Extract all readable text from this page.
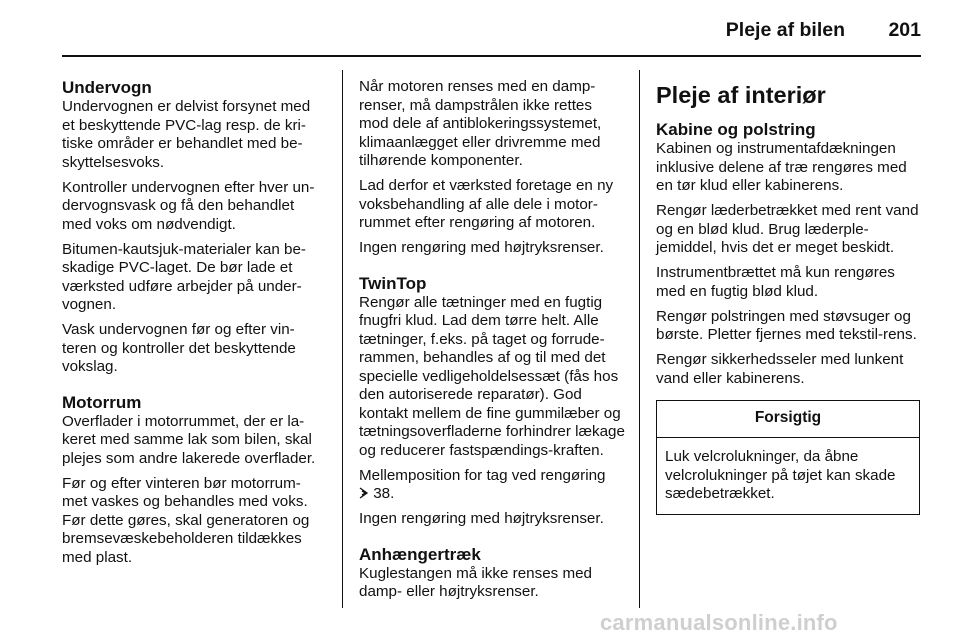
Pleje af bilen 201
Undervogn

Undervognen er delvist forsynet med et beskyttende PVC-lag resp. de kri-tiske områder er behandlet med be-skyttelsesvoks.

Kontroller undervognen efter hver un-dervognsvask og få den behandlet med voks om nødvendigt.

Bitumen-kautsjuk-materialer kan be-skadige PVC-laget. De bør lade et værksted udføre arbejder på under-vognen.

Vask undervognen før og efter vin-teren og kontroller det beskyttende vokslag.

Motorrum

Overflader i motorrummet, der er la-keret med samme lak som bilen, skal plejes som andre lakerede overflader.

Før og efter vinteren bør motorrum-met vaskes og behandles med voks. Før dette gøres, skal generatoren og bremsevæskebeholderen tildækkes med plast.

Når motoren renses med en damp-renser, må dampstrålen ikke rettes mod dele af antiblokeringssystemet, klimaanlægget eller drivremme med tilhørende komponenter.

Lad derfor et værksted foretage en ny voksbehandling af alle dele i motor-rummet efter rengøring af motoren.

Ingen rengøring med højtryksrenser.

TwinTop

Rengør alle tætninger med en fugtig fnugfri klud. Lad dem tørre helt. Alle tætninger, f.eks. på taget og forrude-rammen, behandles af og til med det specielle vedligeholdelsessæt (fås hos den autoriserede reparatør). God kontakt mellem de fine gummilæber og tætningsoverfladerne forhindrer lækage og reducerer fastspændings-kraften.

Mellemposition for tag ved rengøring
38.

Ingen rengøring med højtryksrenser.

Anhængertræk

Kuglestangen må ikke renses med damp- eller højtryksrenser.

Pleje af interiør
Kabine og polstring

Kabinen og instrumentafdækningen inklusive delene af træ rengøres med en tør klud eller kabinerens.

Rengør læderbetrækket med rent vand og en blød klud. Brug læderple-jemiddel, hvis det er meget beskidt.

Instrumentbrættet må kun rengøres med en fugtig blød klud.

Rengør polstringen med støvsuger og børste. Pletter fjernes med tekstil-rens.

Rengør sikkerhedsseler med lunkent vand eller kabinerens.

Forsigtig
Luk velcrolukninger, da åbne velcrolukninger på tøjet kan skade sædebetrækket.
carmanualsonline.info
